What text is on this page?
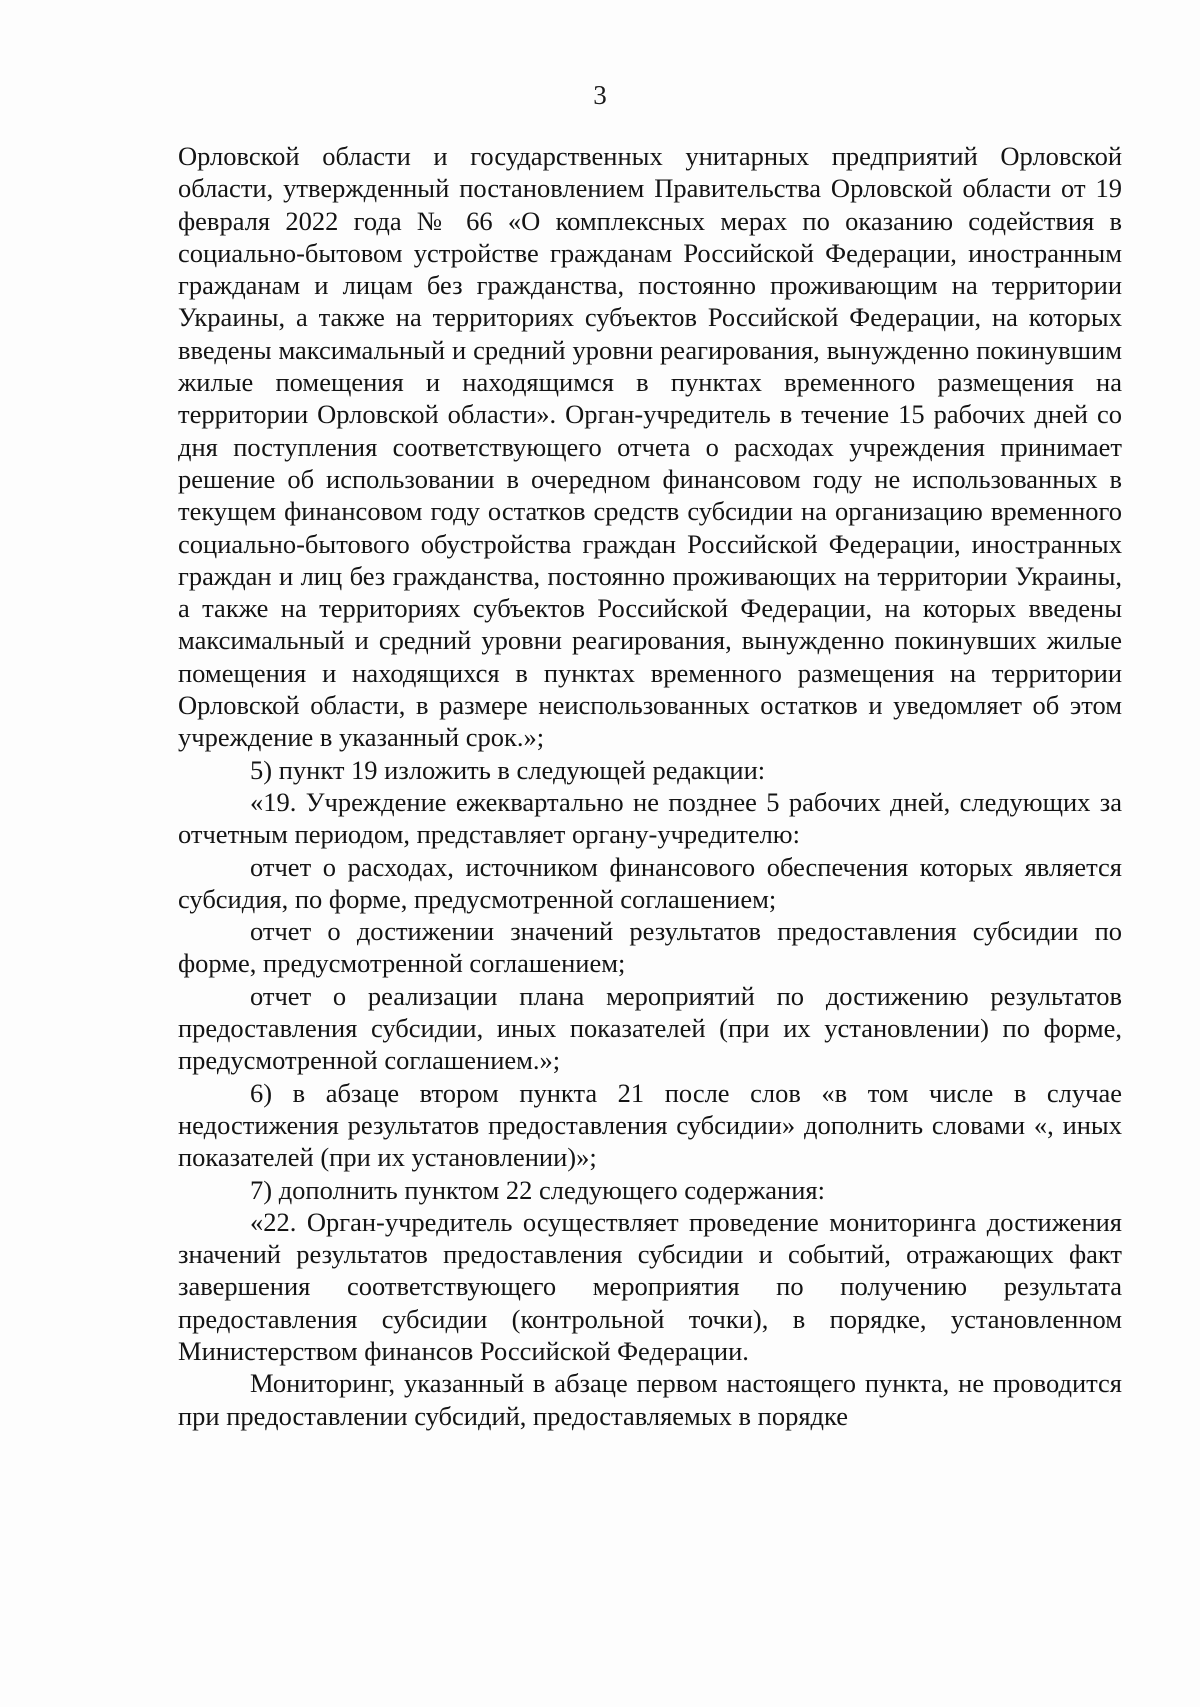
3

Орловской области и государственных унитарных предприятий Орловской области, утвержденный постановлением Правительства Орловской области от 19 февраля 2022 года № 66 «О комплексных мерах по оказанию содействия в социально-бытовом устройстве гражданам Российской Федерации, иностранным гражданам и лицам без гражданства, постоянно проживающим на территории Украины, а также на территориях субъектов Российской Федерации, на которых введены максимальный и средний уровни реагирования, вынужденно покинувшим жилые помещения и находящимся в пунктах временного размещения на территории Орловской области». Орган-учредитель в течение 15 рабочих дней со дня поступления соответствующего отчета о расходах учреждения принимает решение об использовании в очередном финансовом году не использованных в текущем финансовом году остатков средств субсидии на организацию временного социально-бытового обустройства граждан Российской Федерации, иностранных граждан и лиц без гражданства, постоянно проживающих на территории Украины, а также на территориях субъектов Российской Федерации, на которых введены максимальный и средний уровни реагирования, вынужденно покинувших жилые помещения и находящихся в пунктах временного размещения на территории Орловской области, в размере неиспользованных остатков и уведомляет об этом учреждение в указанный срок.»;

5) пункт 19 изложить в следующей редакции:

«19. Учреждение ежеквартально не позднее 5 рабочих дней, следующих за отчетным периодом, представляет органу-учредителю:

отчет о расходах, источником финансового обеспечения которых является субсидия, по форме, предусмотренной соглашением;

отчет о достижении значений результатов предоставления субсидии по форме, предусмотренной соглашением;

отчет о реализации плана мероприятий по достижению результатов предоставления субсидии, иных показателей (при их установлении) по форме, предусмотренной соглашением.»;

6) в абзаце втором пункта 21 после слов «в том числе в случае недостижения результатов предоставления субсидии» дополнить словами «, иных показателей (при их установлении)»;

7) дополнить пунктом 22 следующего содержания:

«22. Орган-учредитель осуществляет проведение мониторинга достижения значений результатов предоставления субсидии и событий, отражающих факт завершения соответствующего мероприятия по получению результата предоставления субсидии (контрольной точки), в порядке, установленном Министерством финансов Российской Федерации.

Мониторинг, указанный в абзаце первом настоящего пункта, не проводится при предоставлении субсидий, предоставляемых в порядке
